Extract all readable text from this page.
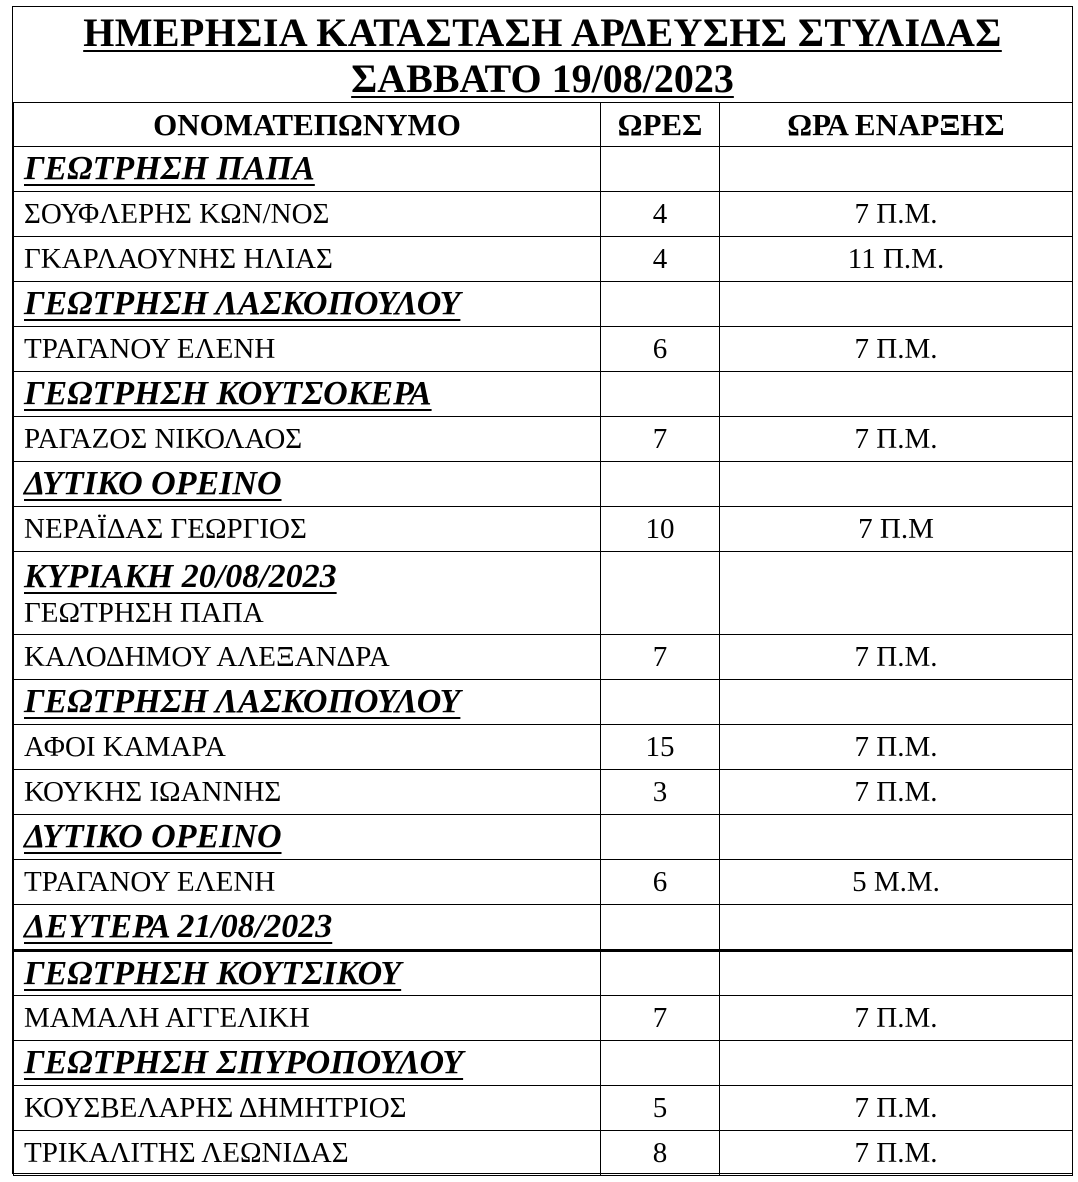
ΗΜΕΡΗΣΙΑ ΚΑΤΑΣΤΑΣΗ ΑΡΔΕΥΣΗΣ ΣΤΥΛΙΔΑΣ
ΣΑΒΒΑΤΟ 19/08/2023
ΟΝΟΜΑΤΕΠΩΝΥΜΟ	ΩΡΕΣ	ΩΡΑ ΕΝΑΡΞΗΣ
ΓΕΩΤΡΗΣΗ ΠΑΠΑ		
ΣΟΥΦΛΕΡΗΣ ΚΩΝ/ΝΟΣ	4	7 Π.Μ.
ΓΚΑΡΛΑΟΥΝΗΣ ΗΛΙΑΣ	4	11 Π.Μ.
ΓΕΩΤΡΗΣΗ ΛΑΣΚΟΠΟΥΛΟΥ		
ΤΡΑΓΑΝΟΥ ΕΛΕΝΗ	6	7 Π.Μ.
ΓΕΩΤΡΗΣΗ ΚΟΥΤΣΟΚΕΡΑ		
ΡΑΓΑΖΟΣ ΝΙΚΟΛΑΟΣ	7	7 Π.Μ.
ΔΥΤΙΚΟ ΟΡΕΙΝΟ		
ΝΕΡΑΪΔΑΣ ΓΕΩΡΓΙΟΣ	10	7 Π.Μ

ΚΥΡΙΑΚΗ 20/08/2023
ΓΕΩΤΡΗΣΗ ΠΑΠΑ		

ΚΑΛΟΔΗΜΟΥ ΑΛΕΞΑΝΔΡΑ	7	7 Π.Μ.
ΓΕΩΤΡΗΣΗ ΛΑΣΚΟΠΟΥΛΟΥ		
ΑΦΟΙ ΚΑΜΑΡΑ	15	7 Π.Μ.
ΚΟΥΚΗΣ ΙΩΑΝΝΗΣ	3	7 Π.Μ.
ΔΥΤΙΚΟ ΟΡΕΙΝΟ		
ΤΡΑΓΑΝΟΥ ΕΛΕΝΗ	6	5 Μ.Μ.
ΔΕΥΤΕΡΑ 21/08/2023		
ΓΕΩΤΡΗΣΗ ΚΟΥΤΣΙΚΟΥ		
ΜΑΜΑΛΗ ΑΓΓΕΛΙΚΗ	7	7 Π.Μ.
ΓΕΩΤΡΗΣΗ ΣΠΥΡΟΠΟΥΛΟΥ		
ΚΟΥΣΒΕΛΑΡΗΣ ΔΗΜΗΤΡΙΟΣ	5	7 Π.Μ.
ΤΡΙΚΑΛΙΤΗΣ ΛΕΩΝΙΔΑΣ	8	7 Π.Μ.
